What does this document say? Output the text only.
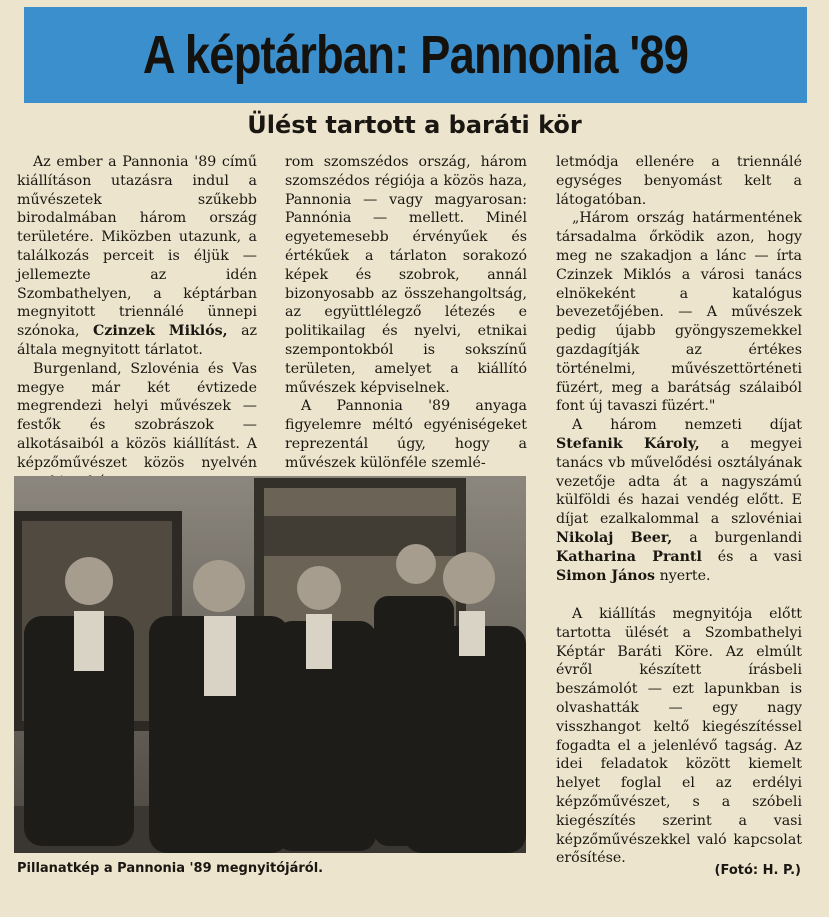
A képtárban: Pannonia '89
Ülést tartott a baráti kör

Az ember a Pannonia '89 című kiállításon utazásra indul a művészetek szűkebb birodalmában három ország területére. Miközben utazunk, a találkozás perceit is éljük — jellemezte az idén Szombathelyen, a képtárban megnyitott triennálé ünnepi szónoka, Czinzek Miklós, az általa megnyitott tárlatot.

Burgenland, Szlovénia és Vas megye már két évtizede megrendezi helyi művészek — festők és szobrászok — alkotásaiból a közös kiállítást. A képzőművészet közös nyelvén

rom szomszédos ország, három szomszédos régiója a közös haza, Pannonia — vagy magyarosan: Pannónia — mellett. Minél egyetemesebb érvényűek és értékűek a tárlaton sorakozó képek és szobrok, annál bizonyosabb az összehangoltság, az együttlélegző létezés e politikailag és nyelvi, etnikai szempontokból is sokszínű területen, amelyet a kiállító művészek képviselnek.

A Pannonia '89 anyaga figyelemre méltó egyéniségeket reprezentál úgy, hogy a művészek különféle szemlé-

letmódja ellenére a triennálé egységes benyomást kelt a látogatóban.

„Három ország határmentének társadalma őrködik azon, hogy meg ne szakadjon a lánc — írta Czinzek Miklós a városi tanács elnökeként a katalógus bevezetőjében. — A művészek pedig újabb gyöngyszemekkel gazdagítják az értékes történelmi, művészettörténeti füzért, meg a barátság szálaiból font új tavaszi füzért."

A három nemzeti díjat Stefanik Károly, a megyei tanács vb művelődési osztályának vezetője adta át a nagyszámú külföldi és hazai vendég előtt. E díjat ezalkalommal a szlovéniai Nikolaj Beer, a burgenlandi Katharina Prantl és a vasi Simon János nyerte.

A kiállítás megnyitója előtt tartotta ülését a Szombathelyi Képtár Baráti Köre. Az elmúlt évről készített írásbeli beszámolót — ezt lapunkban is olvashatták — egy nagy visszhangot keltő kiegészítéssel fogadta el a jelenlévő tagság. Az idei feladatok között kiemelt helyet foglal el az erdélyi képzőművészet, s a szóbeli kiegészítés szerint a vasi képzőművészekkel való kapcsolat erősítése.

Pillanatkép a Pannonia '89 megnyitójáról.	(Fotó: H. P.)
